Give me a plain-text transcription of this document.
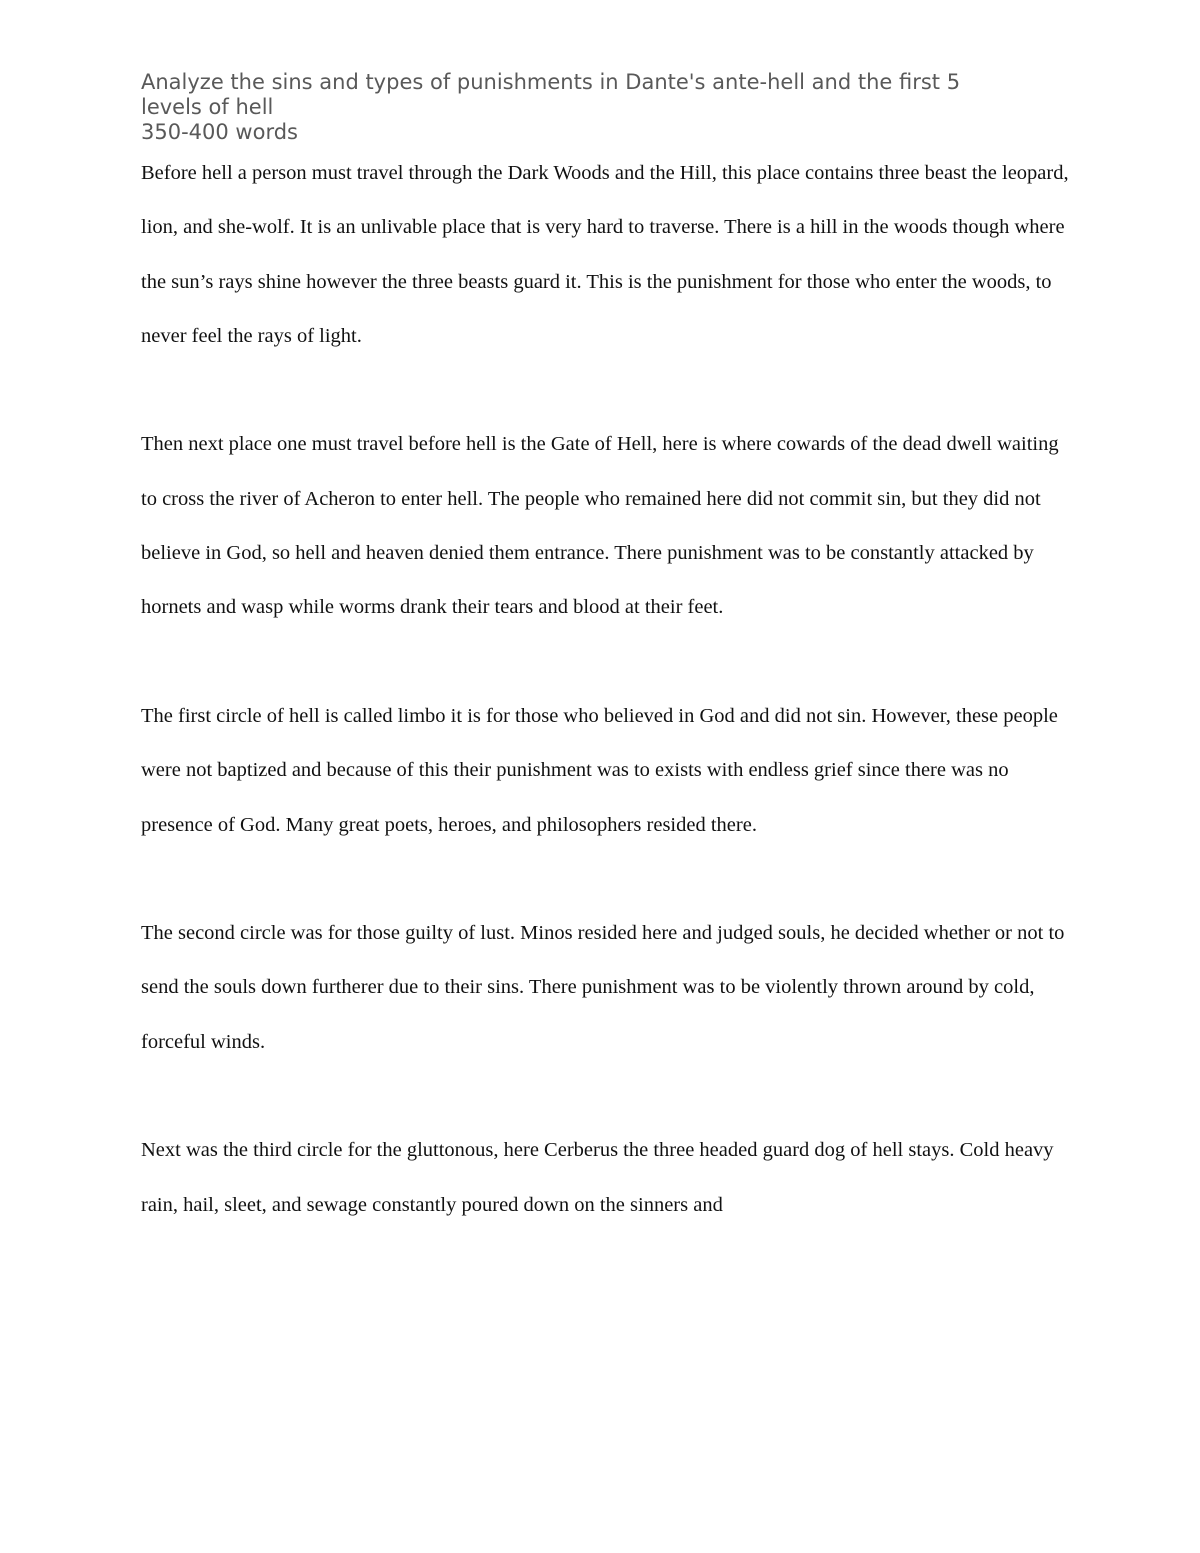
Analyze the sins and types of punishments in Dante's ante-hell and the first 5
levels of hell
350-400 words

Before hell a person must travel through the Dark Woods and the Hill, this place contains three beast the leopard, lion, and she-wolf. It is an unlivable place that is very hard to traverse. There is a hill in the woods though where the sun’s rays shine however the three beasts guard it. This is the punishment for those who enter the woods, to never feel the rays of light.

Then next place one must travel before hell is the Gate of Hell, here is where cowards of the dead dwell waiting to cross the river of Acheron to enter hell. The people who remained here did not commit sin, but they did not believe in God, so hell and heaven denied them entrance. There punishment was to be constantly attacked by hornets and wasp while worms drank their tears and blood at their feet.

The first circle of hell is called limbo it is for those who believed in God and did not sin. However, these people were not baptized and because of this their punishment was to exists with endless grief since there was no presence of God. Many great poets, heroes, and philosophers resided there.

The second circle was for those guilty of lust. Minos resided here and judged souls, he decided whether or not to send the souls down furtherer due to their sins. There punishment was to be violently thrown around by cold, forceful winds.

Next was the third circle for the gluttonous, here Cerberus the three headed guard dog of hell stays. Cold heavy rain, hail, sleet, and sewage constantly poured down on the sinners and
